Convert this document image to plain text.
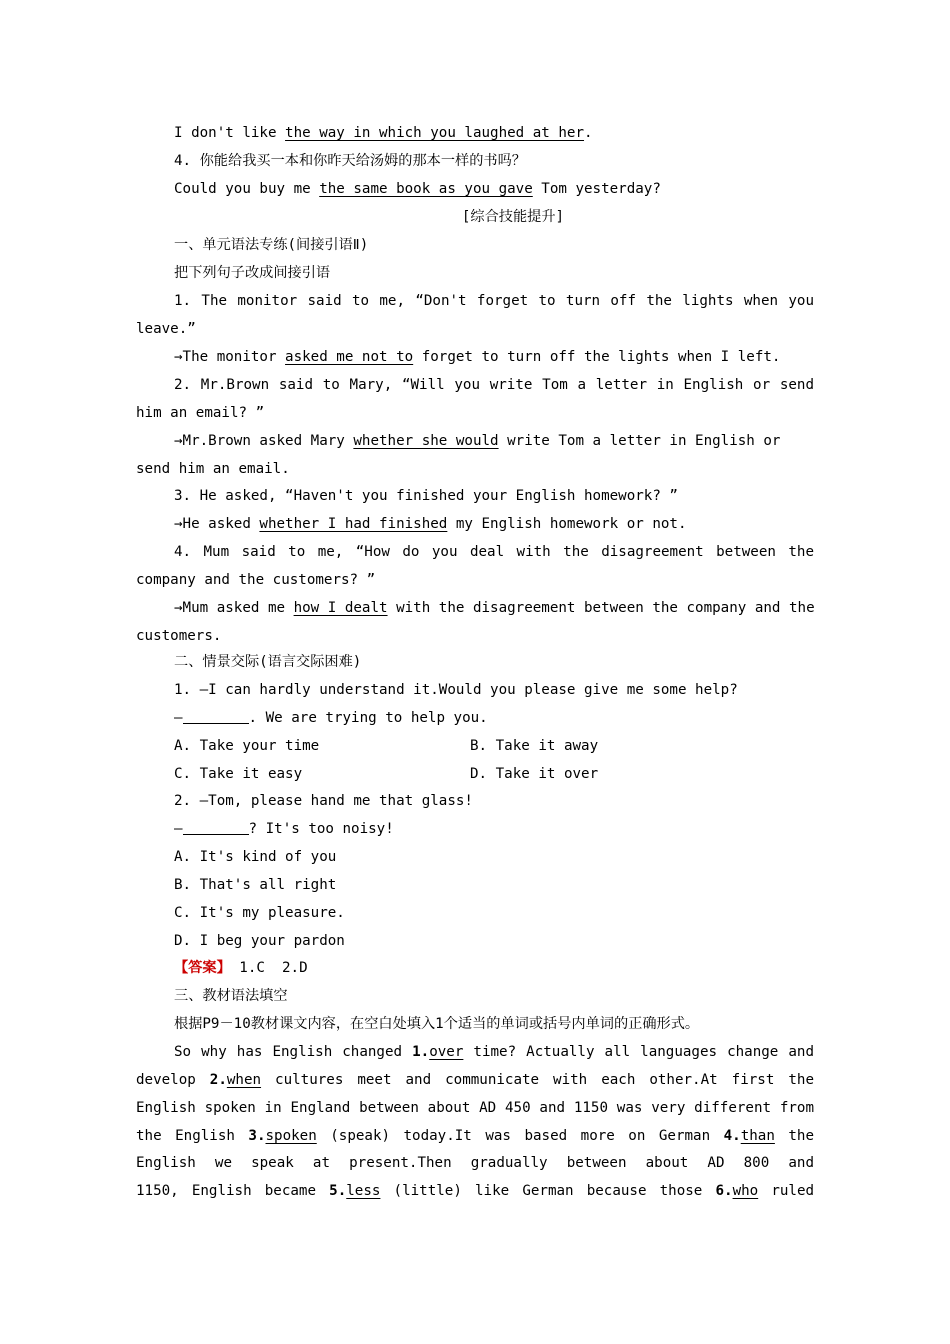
I don't like the way in which you laughed at her.
4. 你能给我买一本和你昨天给汤姆的那本一样的书吗？
Could you buy me the same book as you gave Tom yesterday?
[综合技能提升]
一、单元语法专练(间接引语Ⅱ)
把下列句子改成间接引语
1. The monitor said to me, “Don't forget to turn off the lights when you
leave.”
→The monitor asked me not to forget to turn off the lights when I left.
2. Mr.Brown said to Mary, “Will you write Tom a letter in English or send
him an email? ”
→Mr.Brown asked Mary whether she would write Tom a letter in English or
send him an email.
3. He asked, “Haven't you finished your English homework? ”
→He asked whether I had finished my English homework or not.
4. Mum said to me, “How do you deal with the disagreement between the
company and the customers? ”
→Mum asked me how I dealt with the disagreement between the company and the
customers.
二、情景交际(语言交际困难)
1. —I can hardly understand it.Would you please give me some help?
—	. We are trying to help you.
A. Take your time	B. Take it away
C. Take it easy	D. Take it over
2. —Tom, please hand me that glass!
—	? It's too noisy!
A. It's kind of you
B. That's all right
C. It's my pleasure.
D. I beg your pardon
【答案】 1.C  2.D
三、教材语法填空
根据P9－10教材课文内容，在空白处填入1个适当的单词或括号内单词的正确形式。
So why has English changed 1.over time? Actually all languages change and
develop 2.when cultures meet and communicate with each other.At first the
English spoken in England between about AD 450 and 1150 was very different from
the English 3.spoken (speak) today.It was based more on German 4.than the
English we speak at present.Then gradually between about AD 800 and
1150, English became 5.less (little) like German because those 6.who ruled
